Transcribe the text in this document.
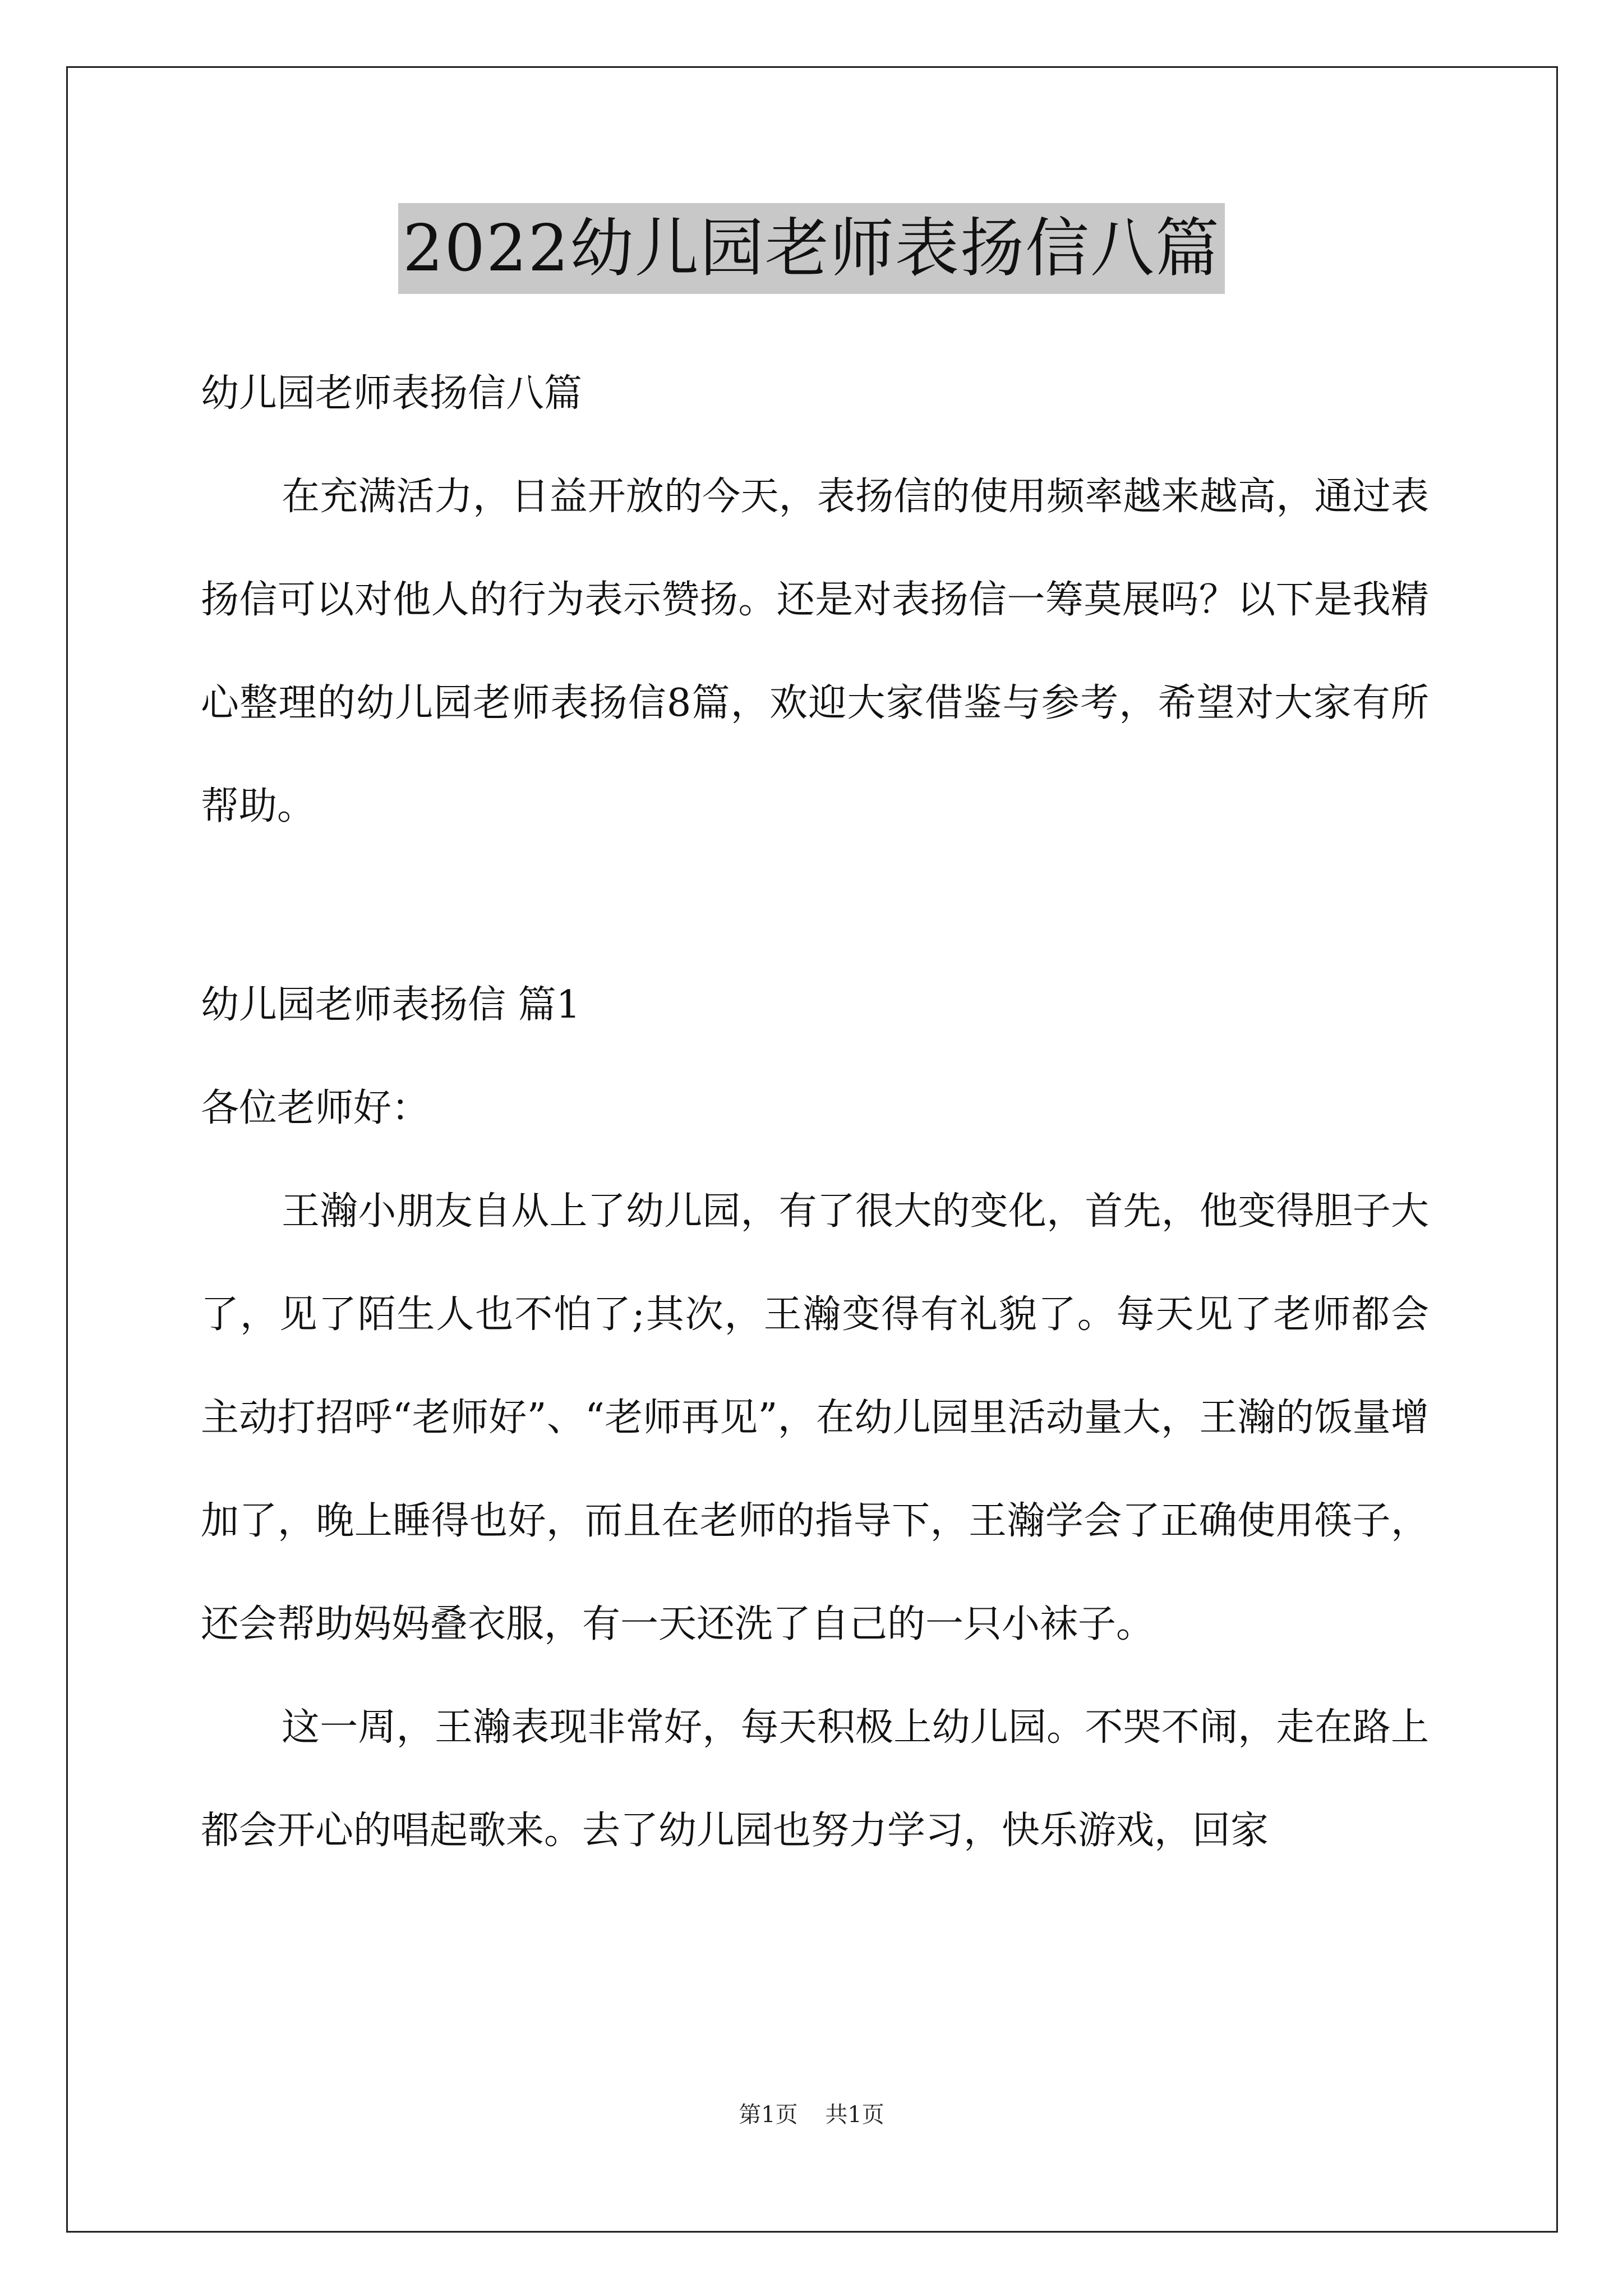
2022幼儿园老师表扬信八篇

幼儿园老师表扬信八篇

在充满活力，日益开放的今天，表扬信的使用频率越来越高，通过表扬信可以对他人的行为表示赞扬。还是对表扬信一筹莫展吗？以下是我精心整理的幼儿园老师表扬信8篇，欢迎大家借鉴与参考，希望对大家有所帮助。

幼儿园老师表扬信 篇1

各位老师好：

王瀚小朋友自从上了幼儿园，有了很大的变化，首先，他变得胆子大了，见了陌生人也不怕了;其次，王瀚变得有礼貌了。每天见了老师都会主动打招呼“老师好”、“老师再见”，在幼儿园里活动量大，王瀚的饭量增加了，晚上睡得也好，而且在老师的指导下，王瀚学会了正确使用筷子，还会帮助妈妈叠衣服，有一天还洗了自己的一只小袜子。

这一周，王瀚表现非常好，每天积极上幼儿园。不哭不闹，走在路上都会开心的唱起歌来。去了幼儿园也努力学习，快乐游戏，回家

第1页 共1页
